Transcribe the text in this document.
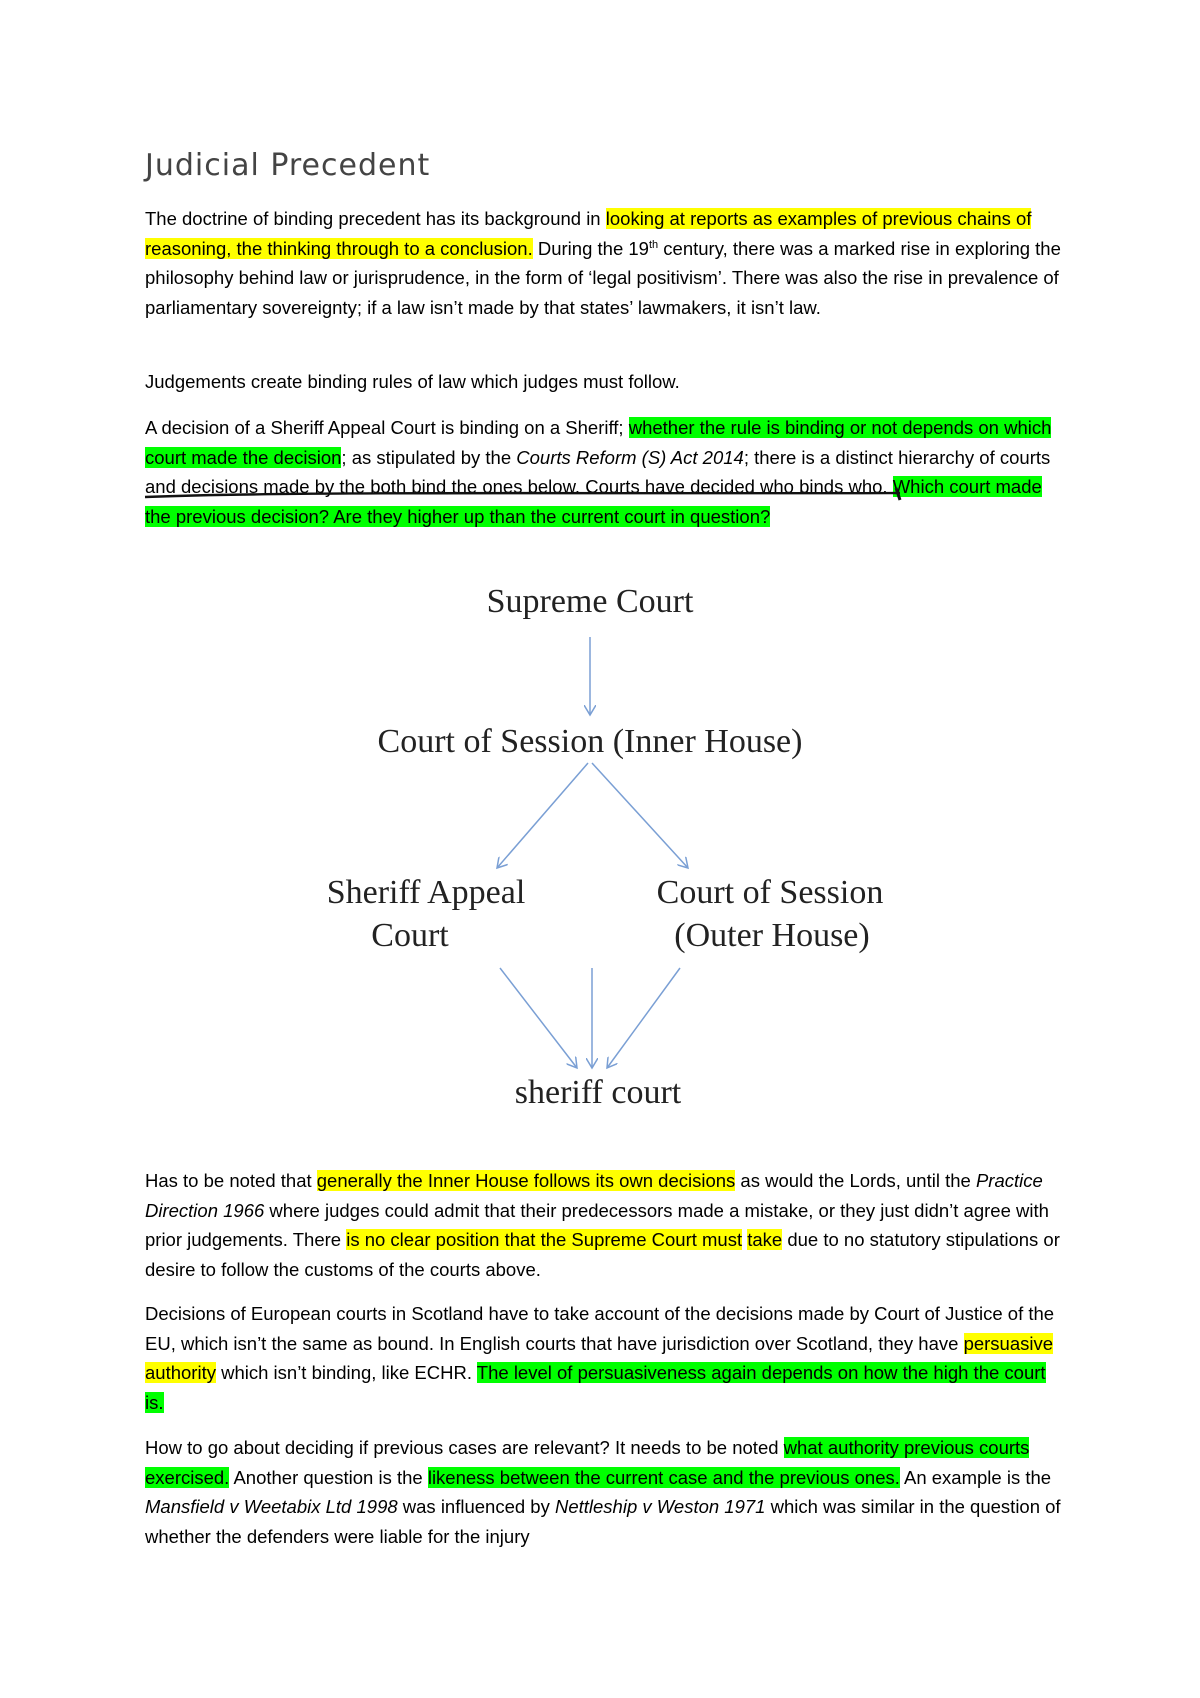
Judicial Precedent

The doctrine of binding precedent has its background in looking at reports as examples of previous chains of reasoning, the thinking through to a conclusion. During the 19th century, there was a marked rise in exploring the philosophy behind law or jurisprudence, in the form of ‘legal positivism’. There was also the rise in prevalence of parliamentary sovereignty; if a law isn’t made by that states’ lawmakers, it isn’t law.

Judgements create binding rules of law which judges must follow.

A decision of a Sheriff Appeal Court is binding on a Sheriff; whether the rule is binding or not depends on which court made the decision; as stipulated by the Courts Reform (S) Act 2014; there is a distinct hierarchy of courts and decisions made by the both bind the ones below. Courts have decided who binds who. Which court made the previous decision? Are they higher up than the current court in question?

Supreme Court
Court of Session (Inner House)
Sheriff Appeal
Court
Court of Session
(Outer House)
sheriff court

Has to be noted that generally the Inner House follows its own decisions as would the Lords, until the Practice Direction 1966 where judges could admit that their predecessors made a mistake, or they just didn’t agree with prior judgements. There is no clear position that the Supreme Court must take due to no statutory stipulations or desire to follow the customs of the courts above.

Decisions of European courts in Scotland have to take account of the decisions made by Court of Justice of the EU, which isn’t the same as bound. In English courts that have jurisdiction over Scotland, they have persuasive authority which isn’t binding, like ECHR. The level of persuasiveness again depends on how the high the court is.

How to go about deciding if previous cases are relevant? It needs to be noted what authority previous courts exercised. Another question is the likeness between the current case and the previous ones. An example is the Mansfield v Weetabix Ltd 1998 was influenced by Nettleship v Weston 1971 which was similar in the question of whether the defenders were liable for the injury
